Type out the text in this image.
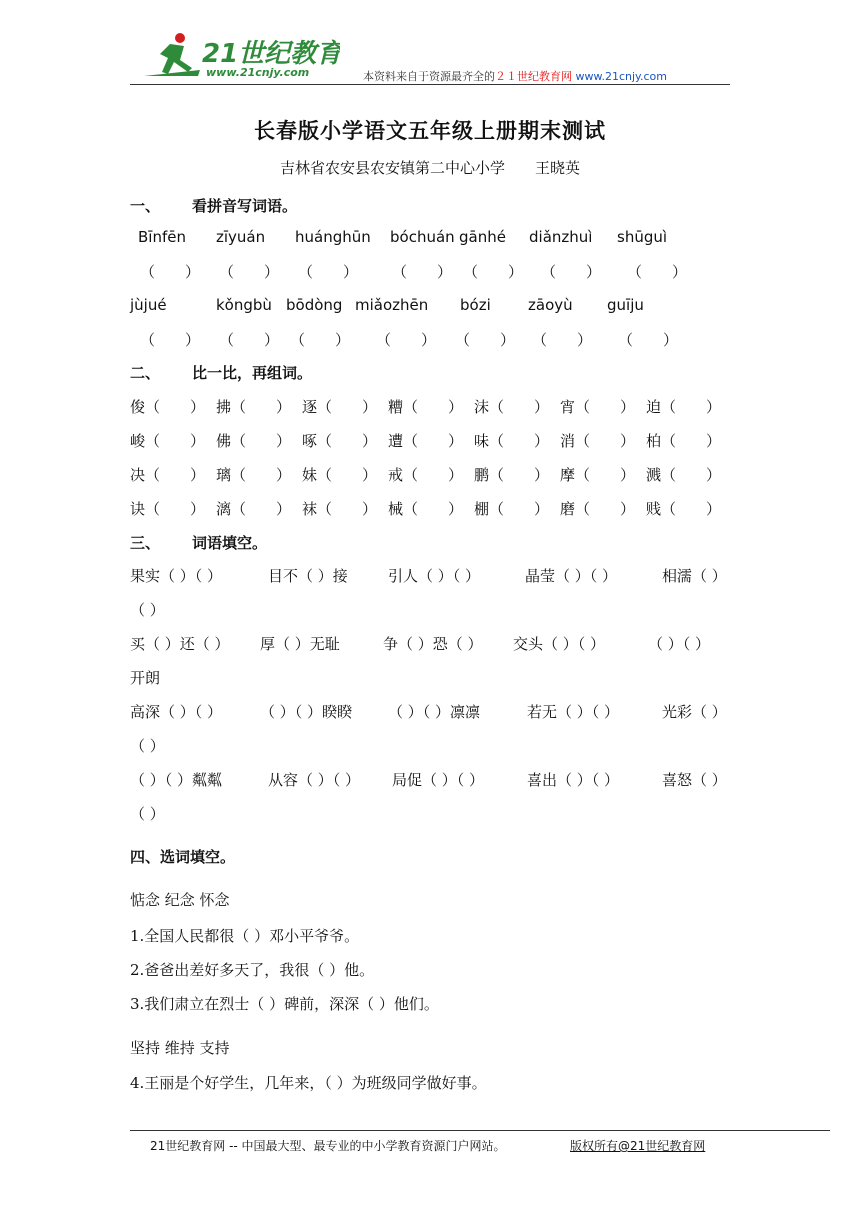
21世纪教育
www.21cnjy.com	本资料来自于资源最齐全的２１世纪教育网 www.21cnjy.com
长春版小学语文五年级上册期末测试
吉林省农安县农安镇第二中心小学　　王晓英
一、 看拼音写词语。
Bīnfēn zīyuán huánghūn bóchuán gānhé diǎnzhuì shūguì
（　　） （　　） （　　） （　　） （　　） （　　） （　　）
jùjué	kǒngbù bōdòng miǎozhēn bózi zāoyù guīju
（　　） （　　） （　　） （　　） （　　） （　　） （　　）
二、 比一比，再组词。
俊（　　） 拂（　　） 逐（　　） 糟（　　） 沫（　　） 宵（　　） 迫（　　）
峻（　　） 佛（　　） 啄（　　） 遭（　　） 味（　　） 消（　　） 柏（　　）
决（　　） 璃（　　） 妹（　　） 戒（　　） 鹏（　　） 摩（　　） 溅（　　）
诀（　　） 漓（　　） 袜（　　） 械（　　） 棚（　　） 磨（　　） 贱（　　）
三、 词语填空。
果实（ ）（ ）	目不（ ）接	引人（ ）（ ）	晶莹（ ）（ ）	相濡（ ）
（ ）
买（ ）还（ ） 厚（ ）无耻	争（ ）恐（ ） 交头（ ）（ ）	（ ）（ ）
开朗
高深（ ）（ ）	（ ）（ ）睽睽 （ ）（ ）凛凛	若无（ ）（ ）	光彩（ ）
（ ）
（ ）（ ）粼粼	从容（ ）（ ） 局促（ ）（ ）	喜出（ ）（ ）	喜怒（ ）
（ ）
四、选词填空。
惦念 纪念 怀念
1.全国人民都很（ ）邓小平爷爷。
2.爸爸出差好多天了，我很（ ）他。
3.我们肃立在烈士（ ）碑前，深深（ ）他们。
坚持 维持 支持
4.王丽是个好学生，几年来，（ ）为班级同学做好事。
21世纪教育网 -- 中国最大型、最专业的中小学教育资源门户网站。	版权所有@21世纪教育网
